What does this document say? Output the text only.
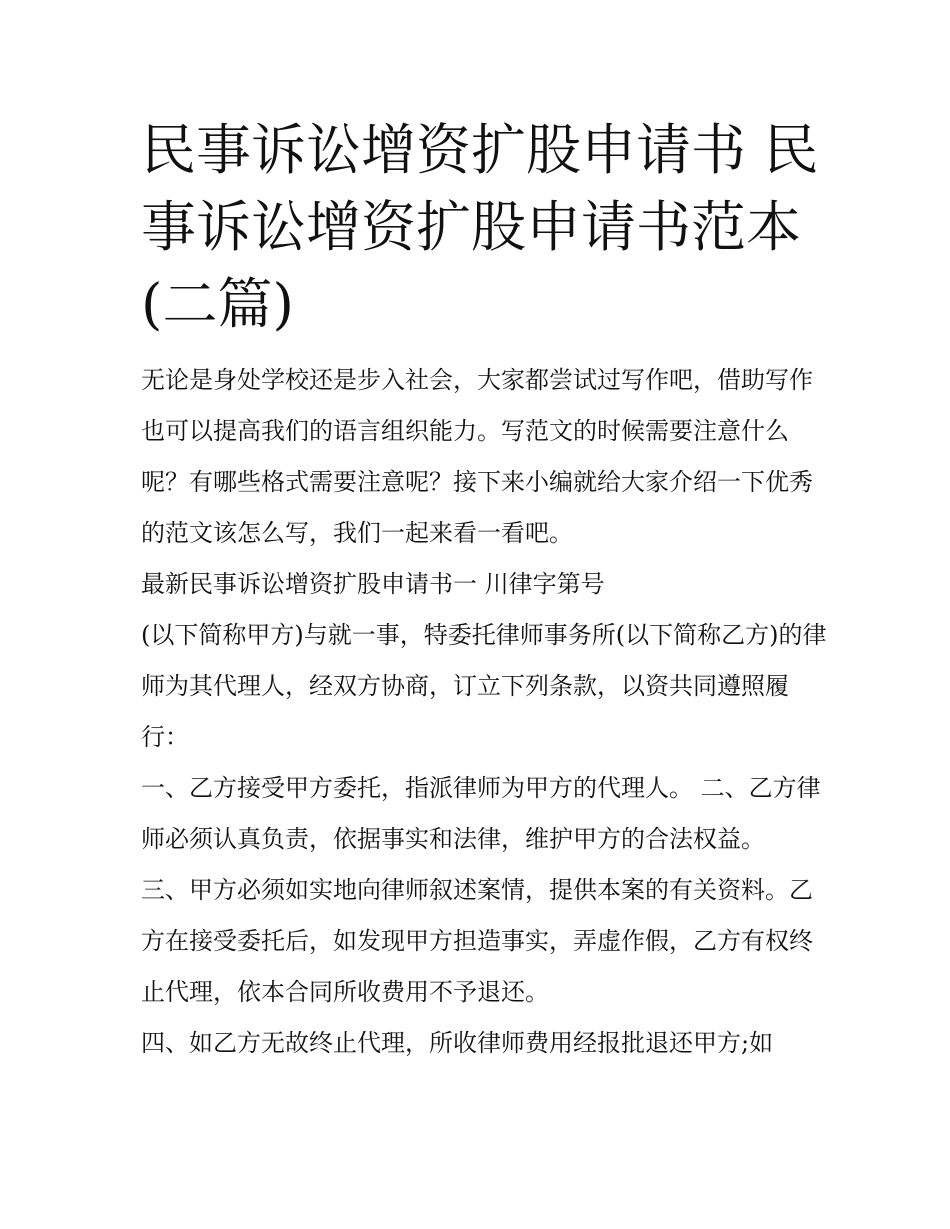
民事诉讼增资扩股申请书 民事诉讼增资扩股申请书范本(二篇)

无论是身处学校还是步入社会，大家都尝试过写作吧，借助写作也可以提高我们的语言组织能力。写范文的时候需要注意什么呢？有哪些格式需要注意呢？接下来小编就给大家介绍一下优秀的范文该怎么写，我们一起来看一看吧。

最新民事诉讼增资扩股申请书一 川律字第号

(以下简称甲方)与就一事，特委托律师事务所(以下简称乙方)的律师为其代理人，经双方协商，订立下列条款，以资共同遵照履行：

一、乙方接受甲方委托，指派律师为甲方的代理人。 二、乙方律师必须认真负责，依据事实和法律，维护甲方的合法权益。

三、甲方必须如实地向律师叙述案情，提供本案的有关资料。乙方在接受委托后，如发现甲方担造事实，弄虚作假，乙方有权终止代理，依本合同所收费用不予退还。

四、如乙方无故终止代理，所收律师费用经报批退还甲方;如
